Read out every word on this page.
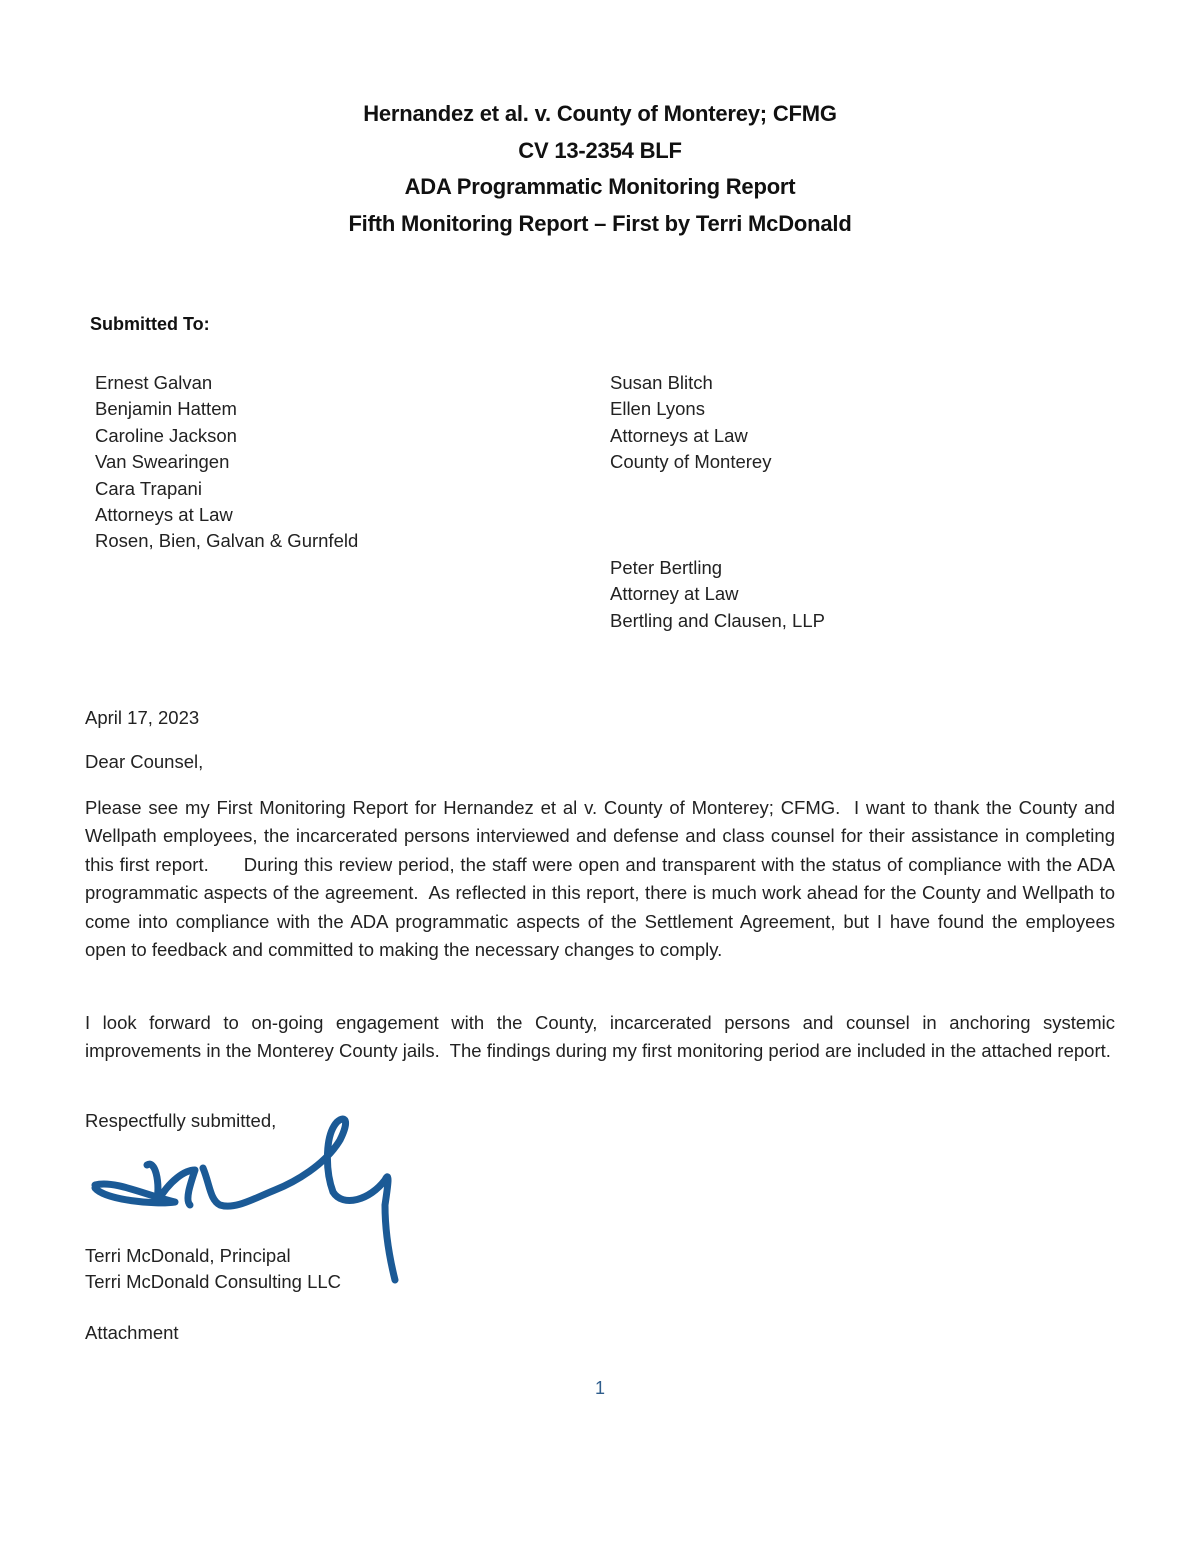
Hernandez et al. v. County of Monterey; CFMG
CV 13-2354 BLF
ADA Programmatic Monitoring Report
Fifth Monitoring Report – First by Terri McDonald
Submitted To:
Ernest Galvan
Benjamin Hattem
Caroline Jackson
Van Swearingen
Cara Trapani
Attorneys at Law
Rosen, Bien, Galvan & Gurnfeld
Susan Blitch
Ellen Lyons
Attorneys at Law
County of Monterey
Peter Bertling
Attorney at Law
Bertling and Clausen, LLP
April 17, 2023
Dear Counsel,
Please see my First Monitoring Report for Hernandez et al v. County of Monterey; CFMG.  I want to thank the County and Wellpath employees, the incarcerated persons interviewed and defense and class counsel for their assistance in completing this first report.      During this review period, the staff were open and transparent with the status of compliance with the ADA programmatic aspects of the agreement.  As reflected in this report, there is much work ahead for the County and Wellpath to come into compliance with the ADA programmatic aspects of the Settlement Agreement, but I have found the employees open to feedback and committed to making the necessary changes to comply.
I look forward to on-going engagement with the County, incarcerated persons and counsel in anchoring systemic improvements in the Monterey County jails.  The findings during my first monitoring period are included in the attached report.
Respectfully submitted,
Terri McDonald, Principal
Terri McDonald Consulting LLC
Attachment
1
